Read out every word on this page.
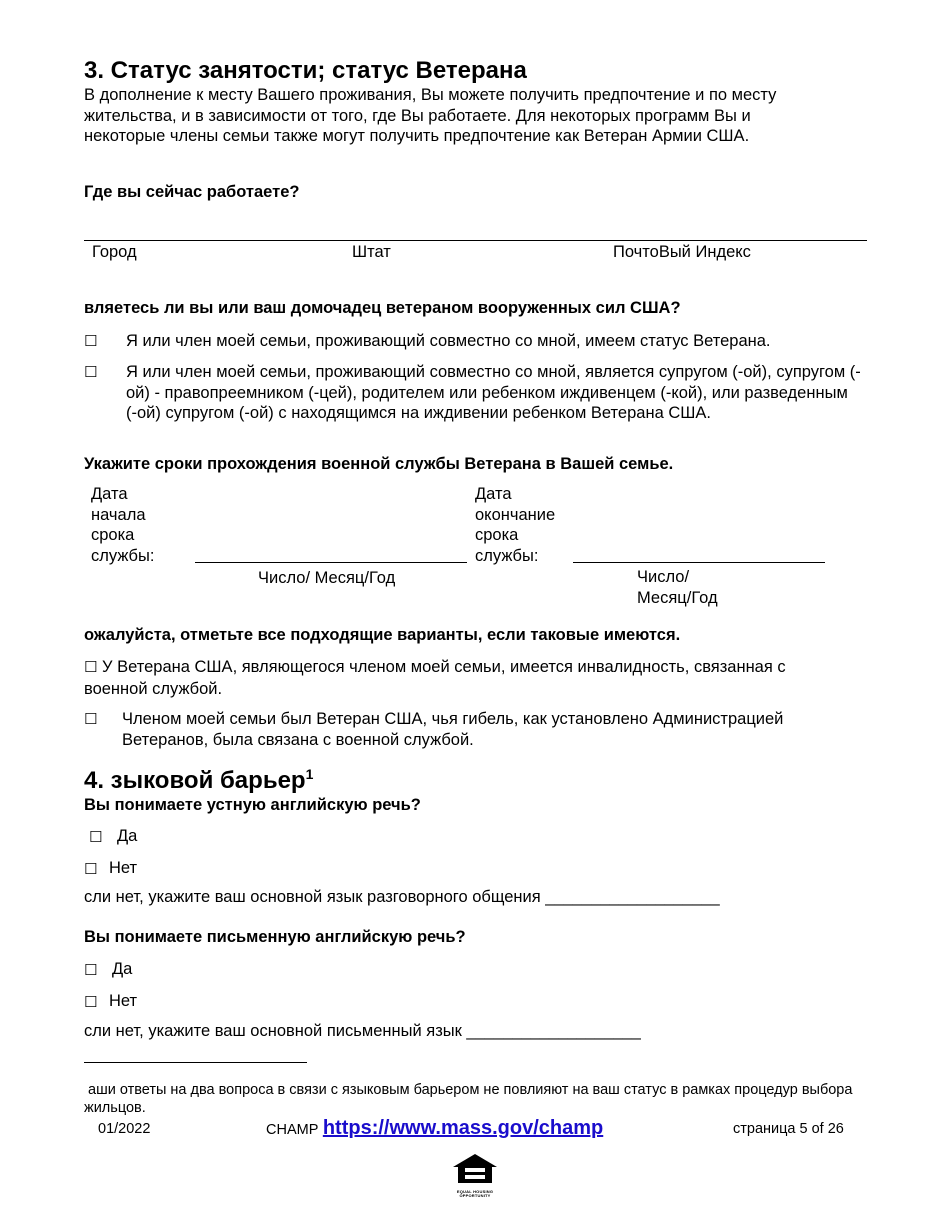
3. Статус занятости; статус Ветерана
В дополнение к месту Вашего проживания, Вы можете получить предпочтение и по месту жительства, и в зависимости от того, где Вы работаете. Для некоторых программ Вы и некоторые члены семьи также могут получить предпочтение как Ветеран Армии США.
Где вы сейчас работаете?
Город	Штат	ПочтоВый Индекс
вляетесь ли вы или ваш домочадец ветераном вооруженных сил США?
☐ Я или член моей семьи, проживающий совместно со мной, имеем статус Ветерана.
☐ Я или член моей семьи, проживающий совместно со мной, является супругом (-ой), супругом (-ой) - правопреемником (-цей), родителем или ребенком иждивенцем (-кой), или разведенным (-ой) супругом (-ой) с находящимся на иждивении ребенком Ветерана США.
Укажите сроки прохождения военной службы Ветерана в Вашей семье.
Дата начала срока службы:
Число/ Месяц/Год
Дата окончание срока службы:
Число/ Месяц/Год
ожалуйста, отметьте все подходящие варианты, если таковые имеются.
☐ У Ветерана США, являющегося членом моей семьи, имеется инвалидность, связанная с военной службой.
☐ Членом моей семьи был Ветеран США, чья гибель, как установлено Администрацией Ветеранов, была связана с военной службой.
4. зыковой барьер$^1$
Вы понимаете устную английскую речь?
☐ Да
☐ Нет
сли нет, укажите ваш основной язык разговорного общения ___________________
Вы понимаете письменную английскую речь?
☐ Да
☐ Нет
сли нет, укажите ваш основной письменный язык ___________________
аши ответы на два вопроса в связи с языковым барьером не повлияют на ваш статус в рамках процедур выбора жильцов.
01/2022	CHAMP https://www.mass.gov/champ	страница 5 of 26
EQUAL HOUSING OPPORTUNITY
